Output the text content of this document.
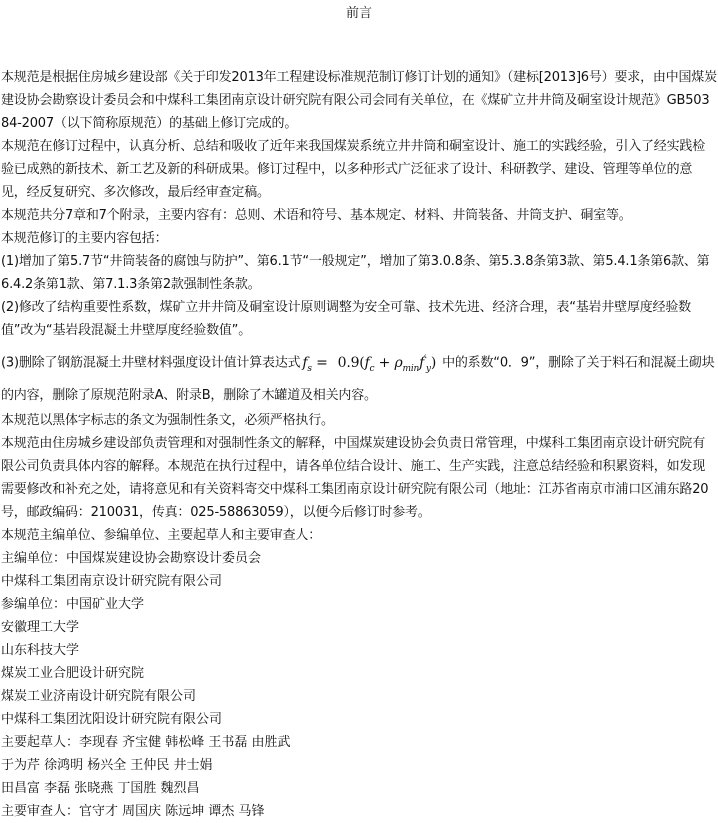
前言

本规范是根据住房城乡建设部《关于印发2013年工程建设标准规范制订修订计划的通知》（建标[2013]6号）要求，由中国煤炭建设协会勘察设计委员会和中煤科工集团南京设计研究院有限公司会同有关单位，在《煤矿立井井筒及硐室设计规范》GB50384-2007（以下简称原规范）的基础上修订完成的。

本规范在修订过程中，认真分析、总结和吸收了近年来我国煤炭系统立井井筒和硐室设计、施工的实践经验，引入了经实践检验已成熟的新技术、新工艺及新的科研成果。修订过程中，以多种形式广泛征求了设计、科研教学、建设、管理等单位的意见，经反复研究、多次修改，最后经审查定稿。

本规范共分7章和7个附录，主要内容有：总则、术语和符号、基本规定、材料、井筒装备、井筒支护、硐室等。

本规范修订的主要内容包括：

(1)增加了第5.7节“井筒装备的腐蚀与防护”、第6.1节“一般规定”，增加了第3.0.8条、第5.3.8条第3款、第5.4.1条第6款、第6.4.2条第1款、第7.1.3条第2款强制性条款。

(2)修改了结构重要性系数，煤矿立井井筒及硐室设计原则调整为安全可靠、技术先进、经济合理，表“基岩井壁厚度经验数值”改为“基岩段混凝土井壁厚度经验数值”。

(3)删除了钢筋混凝土井壁材料强度设计值计算表达式 $f_s = 0.9(f_c + \rho_{min}f'_y)$ 中的系数“0．9”，删除了关于料石和混凝土砌块的内容，删除了原规范附录A、附录B，删除了木罐道及相关内容。

本规范以黑体字标志的条文为强制性条文，必须严格执行。

本规范由住房城乡建设部负责管理和对强制性条文的解释，中国煤炭建设协会负责日常管理，中煤科工集团南京设计研究院有限公司负责具体内容的解释。本规范在执行过程中，请各单位结合设计、施工、生产实践，注意总结经验和积累资料，如发现需要修改和补充之处，请将意见和有关资料寄交中煤科工集团南京设计研究院有限公司（地址：江苏省南京市浦口区浦东路20号，邮政编码：210031，传真：025-58863059），以便今后修订时参考。

本规范主编单位、参编单位、主要起草人和主要审查人：

主编单位：中国煤炭建设协会勘察设计委员会

中煤科工集团南京设计研究院有限公司

参编单位：中国矿业大学

安徽理工大学

山东科技大学

煤炭工业合肥设计研究院

煤炭工业济南设计研究院有限公司

中煤科工集团沈阳设计研究院有限公司

主要起草人：李现春 齐宝健 韩松峰 王书磊 由胜武

于为芹 徐鸿明 杨兴全 王仲民 井士娟

田昌富 李磊 张晓燕 丁国胜 魏烈昌

主要审查人：官守才 周国庆 陈远坤 谭杰 马锋
